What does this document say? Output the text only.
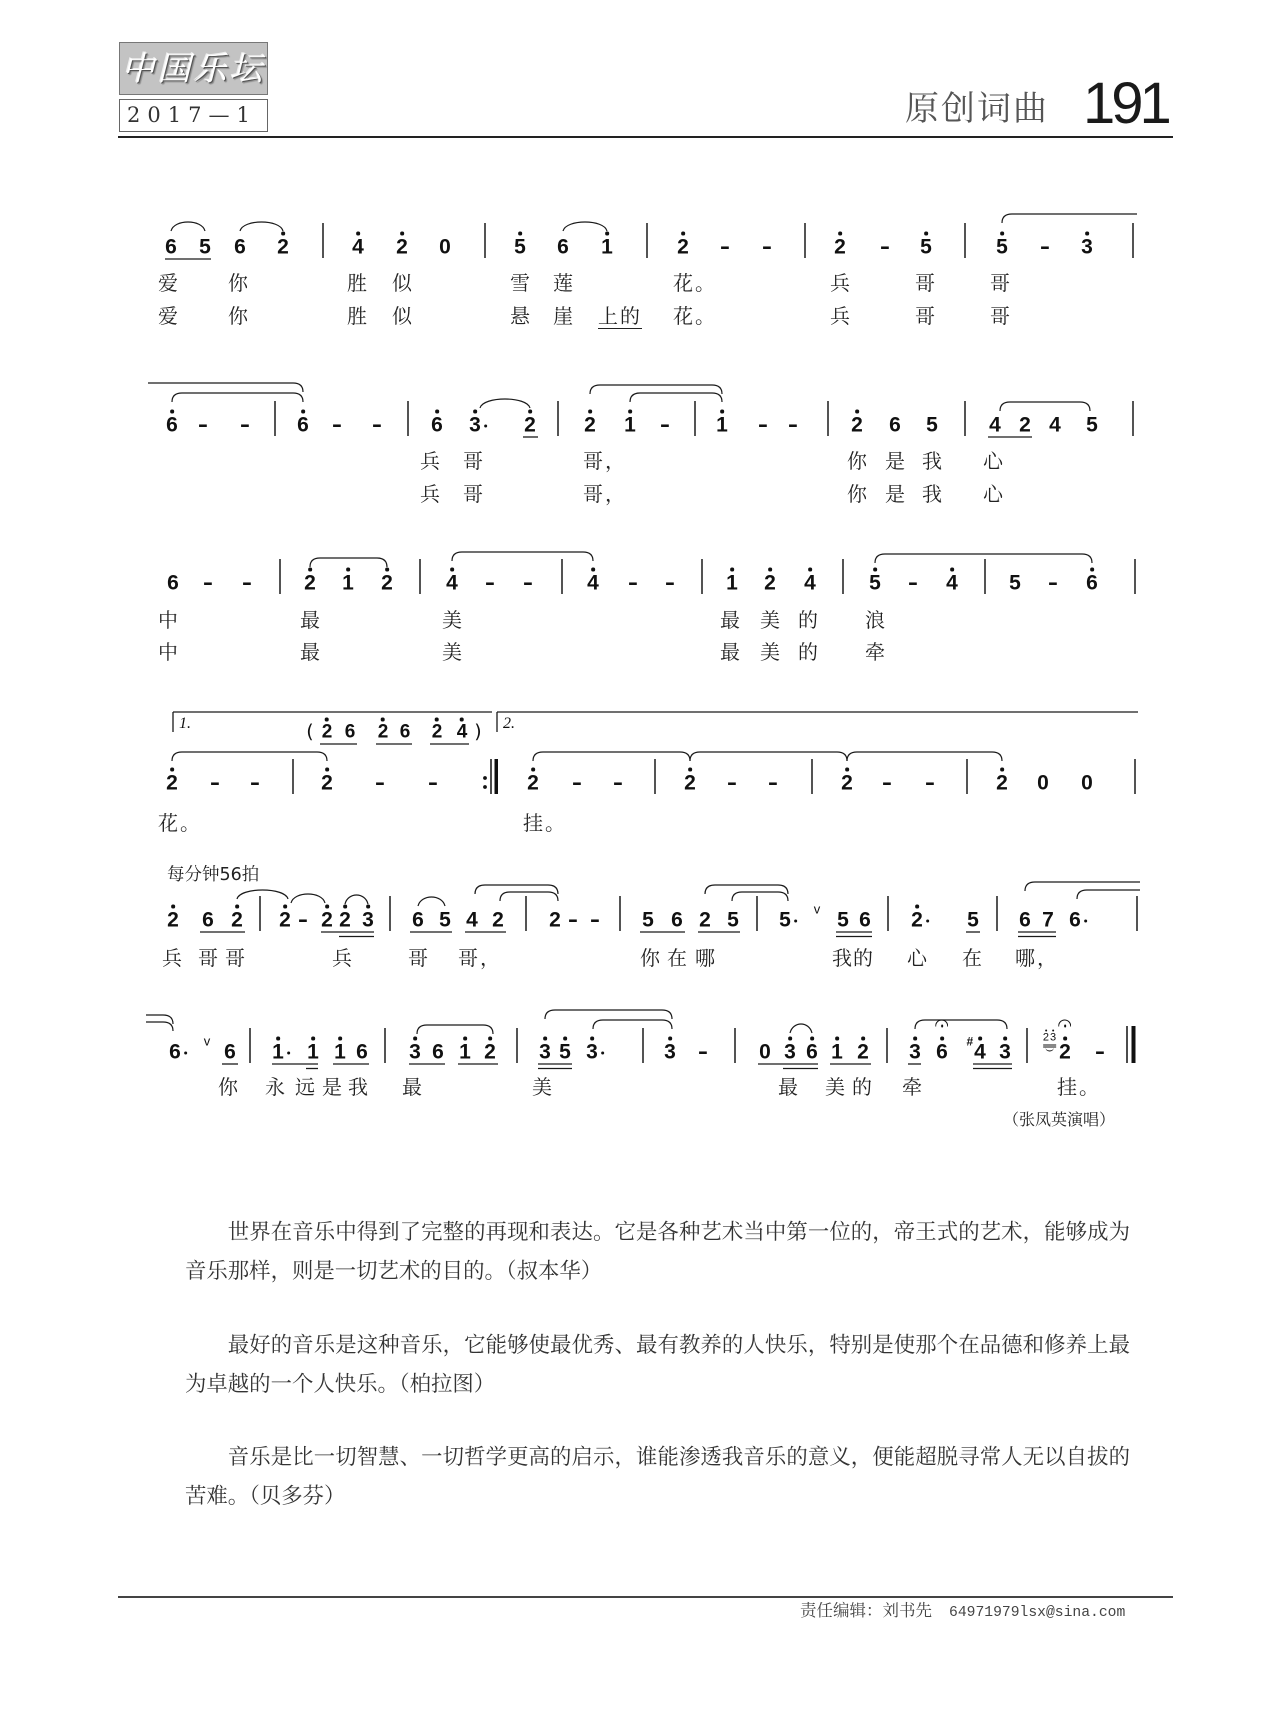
中国乐坛
2017—1	原创词曲 191
每分钟56拍
（张凤英演唱）
6 5 6 2	4 2 0	5 6 1	2 - -	2 - 5	5 - 3
爱 你	胜 似	雪 莲	花。	兵	哥	哥
爱 你	胜 似	悬 崖 上的 花。	兵	哥	哥
6 - - 6 - - 6 3 2 2 1 - 1 - -	2 6 5 4 2 4 5
兵 哥	哥，	你 是 我 心
兵 哥	哥，	你 是 我 心
6 - - 2 1 2	4 - -	4 - - 1 2 4	5 - 4 5 - 6
中	最	美	最 美 的 浪
中	最	美	最 美 的 牵
2 - -	2 - -	2 - -	2 - -	2 - -	2 0 0
花。	挂。
1.	2.
( 2 6 2 6 2 4 )
2 6 2 2 - 2 2 3 6 5 4 2 2 - - 5 6 2 5 5 v 5 6 2 5 6 7 6
兵 哥 哥	兵	哥 哥，	你 在 哪	我 的 心 在 哪，
6 v 6 1 1 1 6 3 6 1 2 3 5 3	3 - 0 3 6 1 2 3 6 4
# 3 2
2 3
-
你 永 远 是 我 最	美	最 美 的 牵	挂。

世界在音乐中得到了完整的再现和表达。它是各种艺术当中第一位的，帝王式的艺术，能够成为音乐那样，则是一切艺术的目的。（叔本华）

最好的音乐是这种音乐，它能够使最优秀、最有教养的人快乐，特别是使那个在品德和修养上最为卓越的一个人快乐。（柏拉图）

音乐是比一切智慧、一切哲学更高的启示，谁能渗透我音乐的意义，便能超脱寻常人无以自拔的苦难。（贝多芬）

责任编辑：刘书先 64971979lsx@sina.com
